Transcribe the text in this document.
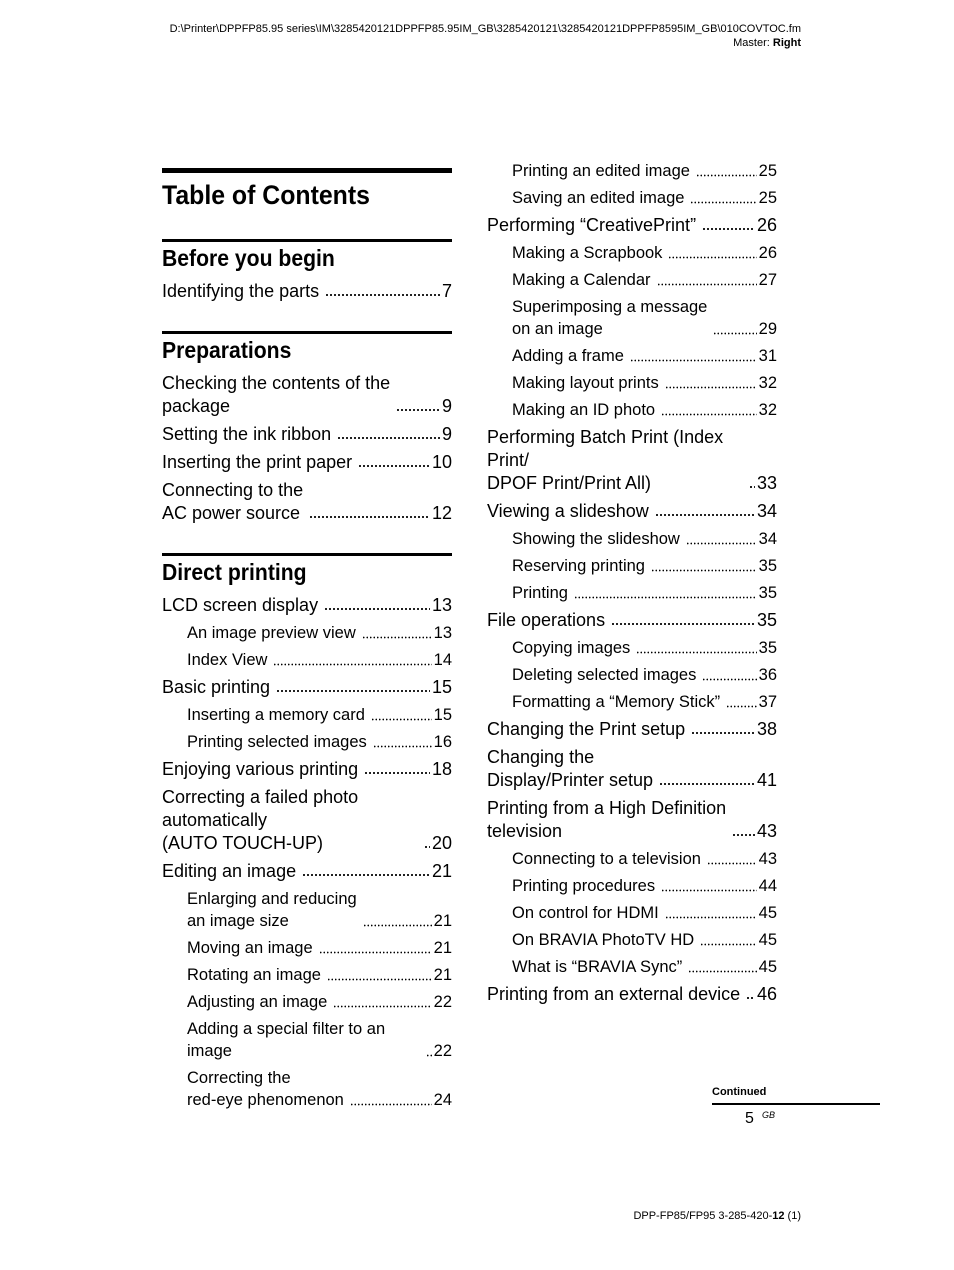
D:\Printer\DPPFP85.95 series\IM\3285420121DPPFP85.95IM_GB\3285420121\3285420121DPPFP8595IM_GB\010COVTOC.fm
Master: Right
Table of Contents
Before you begin
Identifying the parts	7
Preparations
Checking the contents of the
package	9
Setting the ink ribbon	9
Inserting the print paper	10
Connecting to the
AC power source	12
Direct printing
LCD screen display	13
An image preview view	13
Index View	14
Basic printing	15
Inserting a memory card	15
Printing selected images	16
Enjoying various printing	18
Correcting a failed photo automatically
(AUTO TOUCH-UP)	20
Editing an image	21
Enlarging and reducing
an image size	21
Moving an image	21
Rotating an image	21
Adjusting an image	22
Adding a special filter to an image	22
Correcting the
red-eye phenomenon	24
Printing an edited image	25
Saving an edited image	25
Performing “CreativePrint”	26
Making a Scrapbook	26
Making a Calendar	27
Superimposing a message
on an image	29
Adding a frame	31
Making layout prints	32
Making an ID photo	32
Performing Batch Print (Index Print/
DPOF Print/Print All)	33
Viewing a slideshow	34
Showing the slideshow	34
Reserving printing	35
Printing	35
File operations	35
Copying images	35
Deleting selected images	36
Formatting a “Memory Stick” 37
Changing the Print setup	38
Changing the
Display/Printer setup	41
Printing from a High Definition
television	43
Connecting to a television	43
Printing procedures	44
On control for HDMI	45
On BRAVIA PhotoTV HD	45
What is “BRAVIA Sync”	45
Printing from an external device 46
Continued
5 GB
DPP-FP85/FP95 3-285-420-12 (1)
